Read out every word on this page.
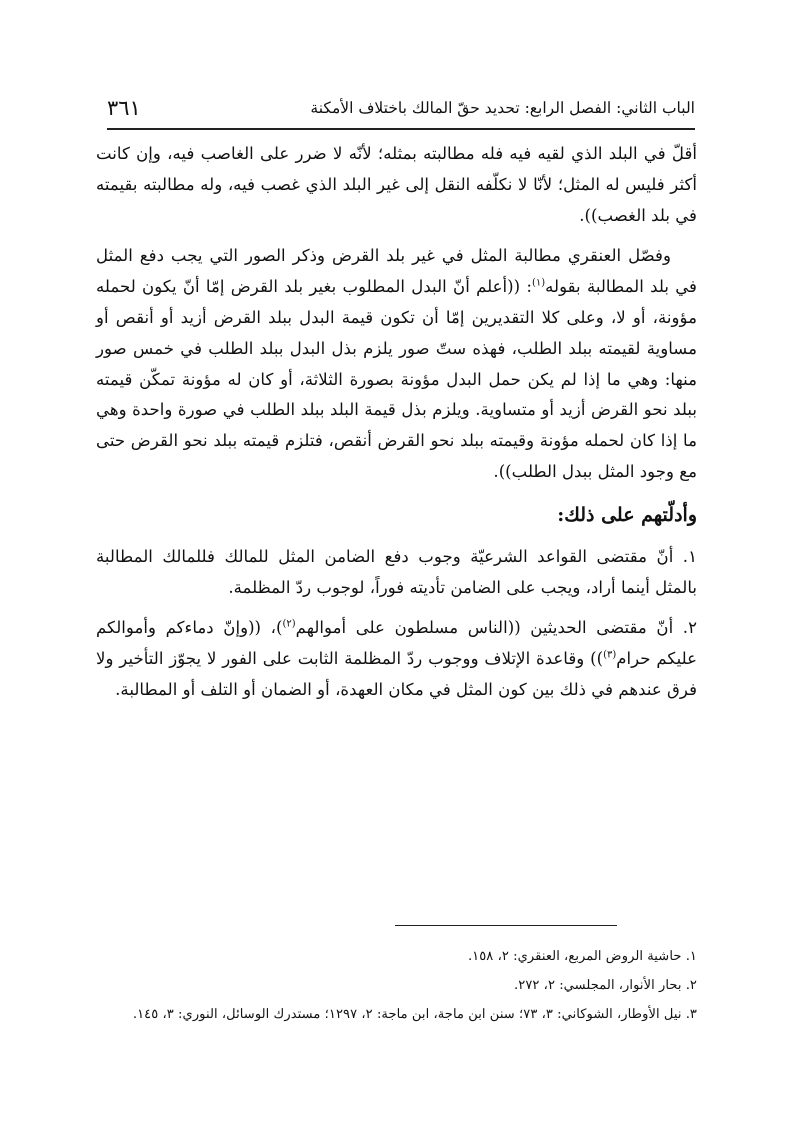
الباب الثاني: الفصل الرابع: تحديد حقّ المالك باختلاف الأمكنة
٣٦١

أقلّ في البلد الذي لقيه فيه فله مطالبته بمثله؛ لأنّه لا ضرر على الغاصب فيه، وإن كانت أكثر فليس له المثل؛ لأنّا لا نكلّفه النقل إلى غير البلد الذي غصب فيه، وله مطالبته بقيمته في بلد الغصب)).

وفصّل العنقري مطالبة المثل في غير بلد القرض وذكر الصور التي يجب دفع المثل في بلد المطالبة بقوله$^{(١)}$: ((أعلم أنّ البدل المطلوب بغير بلد القرض إمّا أنّ يكون لحمله مؤونة، أو لا، وعلى كلا التقديرين إمّا أن تكون قيمة البدل ببلد القرض أزيد أو أنقص أو مساوية لقيمته ببلد الطلب، فهذه ستّ صور يلزم بذل البدل ببلد الطلب في خمس صور منها: وهي ما إذا لم يكن حمل البدل مؤونة بصورة الثلاثة، أو كان له مؤونة تمكّن قيمته ببلد نحو القرض أزيد أو متساوية. ويلزم بذل قيمة البلد ببلد الطلب في صورة واحدة وهي ما إذا كان لحمله مؤونة وقيمته ببلد نحو القرض أنقص، فتلزم قيمته ببلد نحو القرض حتى مع وجود المثل ببدل الطلب)).

وأدلّتهم على ذلك:

١. أنّ مقتضى القواعد الشرعيّة وجوب دفع الضامن المثل للمالك فللمالك المطالبة بالمثل أينما أراد، ويجب على الضامن تأديته فوراً، لوجوب ردّ المظلمة.

٢. أنّ مقتضى الحديثين ((الناس مسلطون على أموالهم$^{(٢)}$)، ((وإنّ دماءكم وأموالكم عليكم حرام$^{(٣)}$)) وقاعدة الإتلاف ووجوب ردّ المظلمة الثابت على الفور لا يجوّز التأخير ولا فرق عندهم في ذلك بين كون المثل في مكان العهدة، أو الضمان أو التلف أو المطالبة.

١. حاشية الروض المربع، العنقري: ٢، ١٥٨.

٢. بحار الأنوار، المجلسي: ٢، ٢٧٢.

٣. نيل الأوطار، الشوكاني: ٣، ٧٣؛ سنن ابن ماجة، ابن ماجة: ٢، ١٢٩٧؛ مستدرك الوسائل، النوري: ٣، ١٤٥.
